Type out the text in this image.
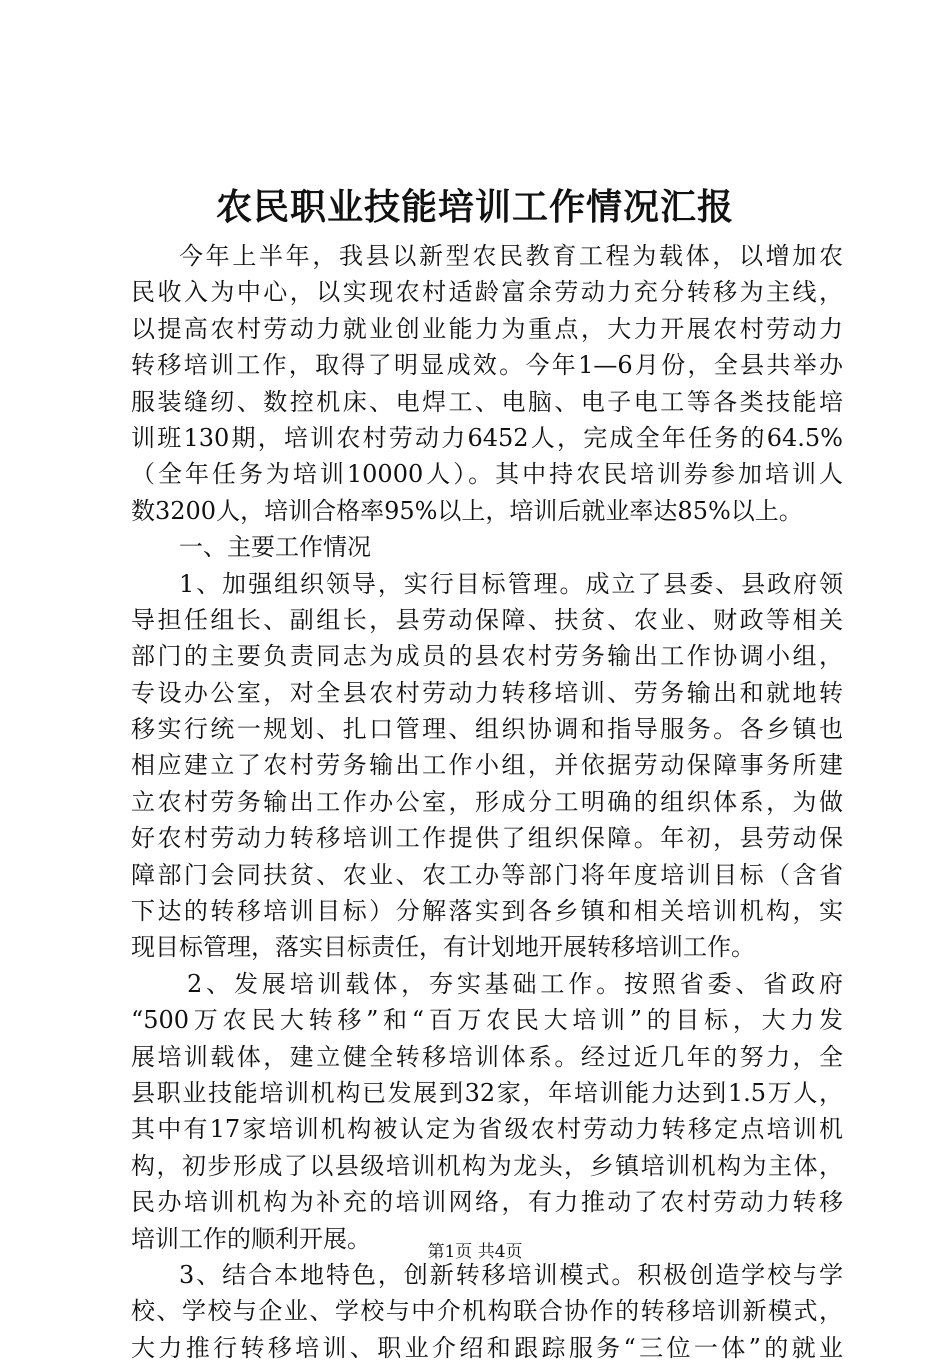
农民职业技能培训工作情况汇报
今年上半年，我县以新型农民教育工程为载体，以增加农
民收入为中心，以实现农村适龄富余劳动力充分转移为主线，
以提高农村劳动力就业创业能力为重点，大力开展农村劳动力
转移培训工作，取得了明显成效。今年1—6月份，全县共举办
服装缝纫、数控机床、电焊工、电脑、电子电工等各类技能培
训班130期，培训农村劳动力6452人，完成全年任务的64.5%
（全年任务为培训10000人）。其中持农民培训券参加培训人
数3200人，培训合格率95%以上，培训后就业率达85%以上。
一、主要工作情况
1、加强组织领导，实行目标管理。成立了县委、县政府领
导担任组长、副组长，县劳动保障、扶贫、农业、财政等相关
部门的主要负责同志为成员的县农村劳务输出工作协调小组，
专设办公室，对全县农村劳动力转移培训、劳务输出和就地转
移实行统一规划、扎口管理、组织协调和指导服务。各乡镇也
相应建立了农村劳务输出工作小组，并依据劳动保障事务所建
立农村劳务输出工作办公室，形成分工明确的组织体系，为做
好农村劳动力转移培训工作提供了组织保障。年初，县劳动保
障部门会同扶贫、农业、农工办等部门将年度培训目标（含省
下达的转移培训目标）分解落实到各乡镇和相关培训机构，实
现目标管理，落实目标责任，有计划地开展转移培训工作。
2、发展培训载体，夯实基础工作。按照省委、省政府
“500万农民大转移”和“百万农民大培训”的目标，大力发
展培训载体，建立健全转移培训体系。经过近几年的努力，全
县职业技能培训机构已发展到32家，年培训能力达到1.5万人，
其中有17家培训机构被认定为省级农村劳动力转移定点培训机
构，初步形成了以县级培训机构为龙头，乡镇培训机构为主体，
民办培训机构为补充的培训网络，有力推动了农村劳动力转移
培训工作的顺利开展。
3、结合本地特色，创新转移培训模式。积极创造学校与学
校、学校与企业、学校与中介机构联合协作的转移培训新模式，
大力推行转移培训、职业介绍和跟踪服务“三位一体”的就业
第1页 共4页
